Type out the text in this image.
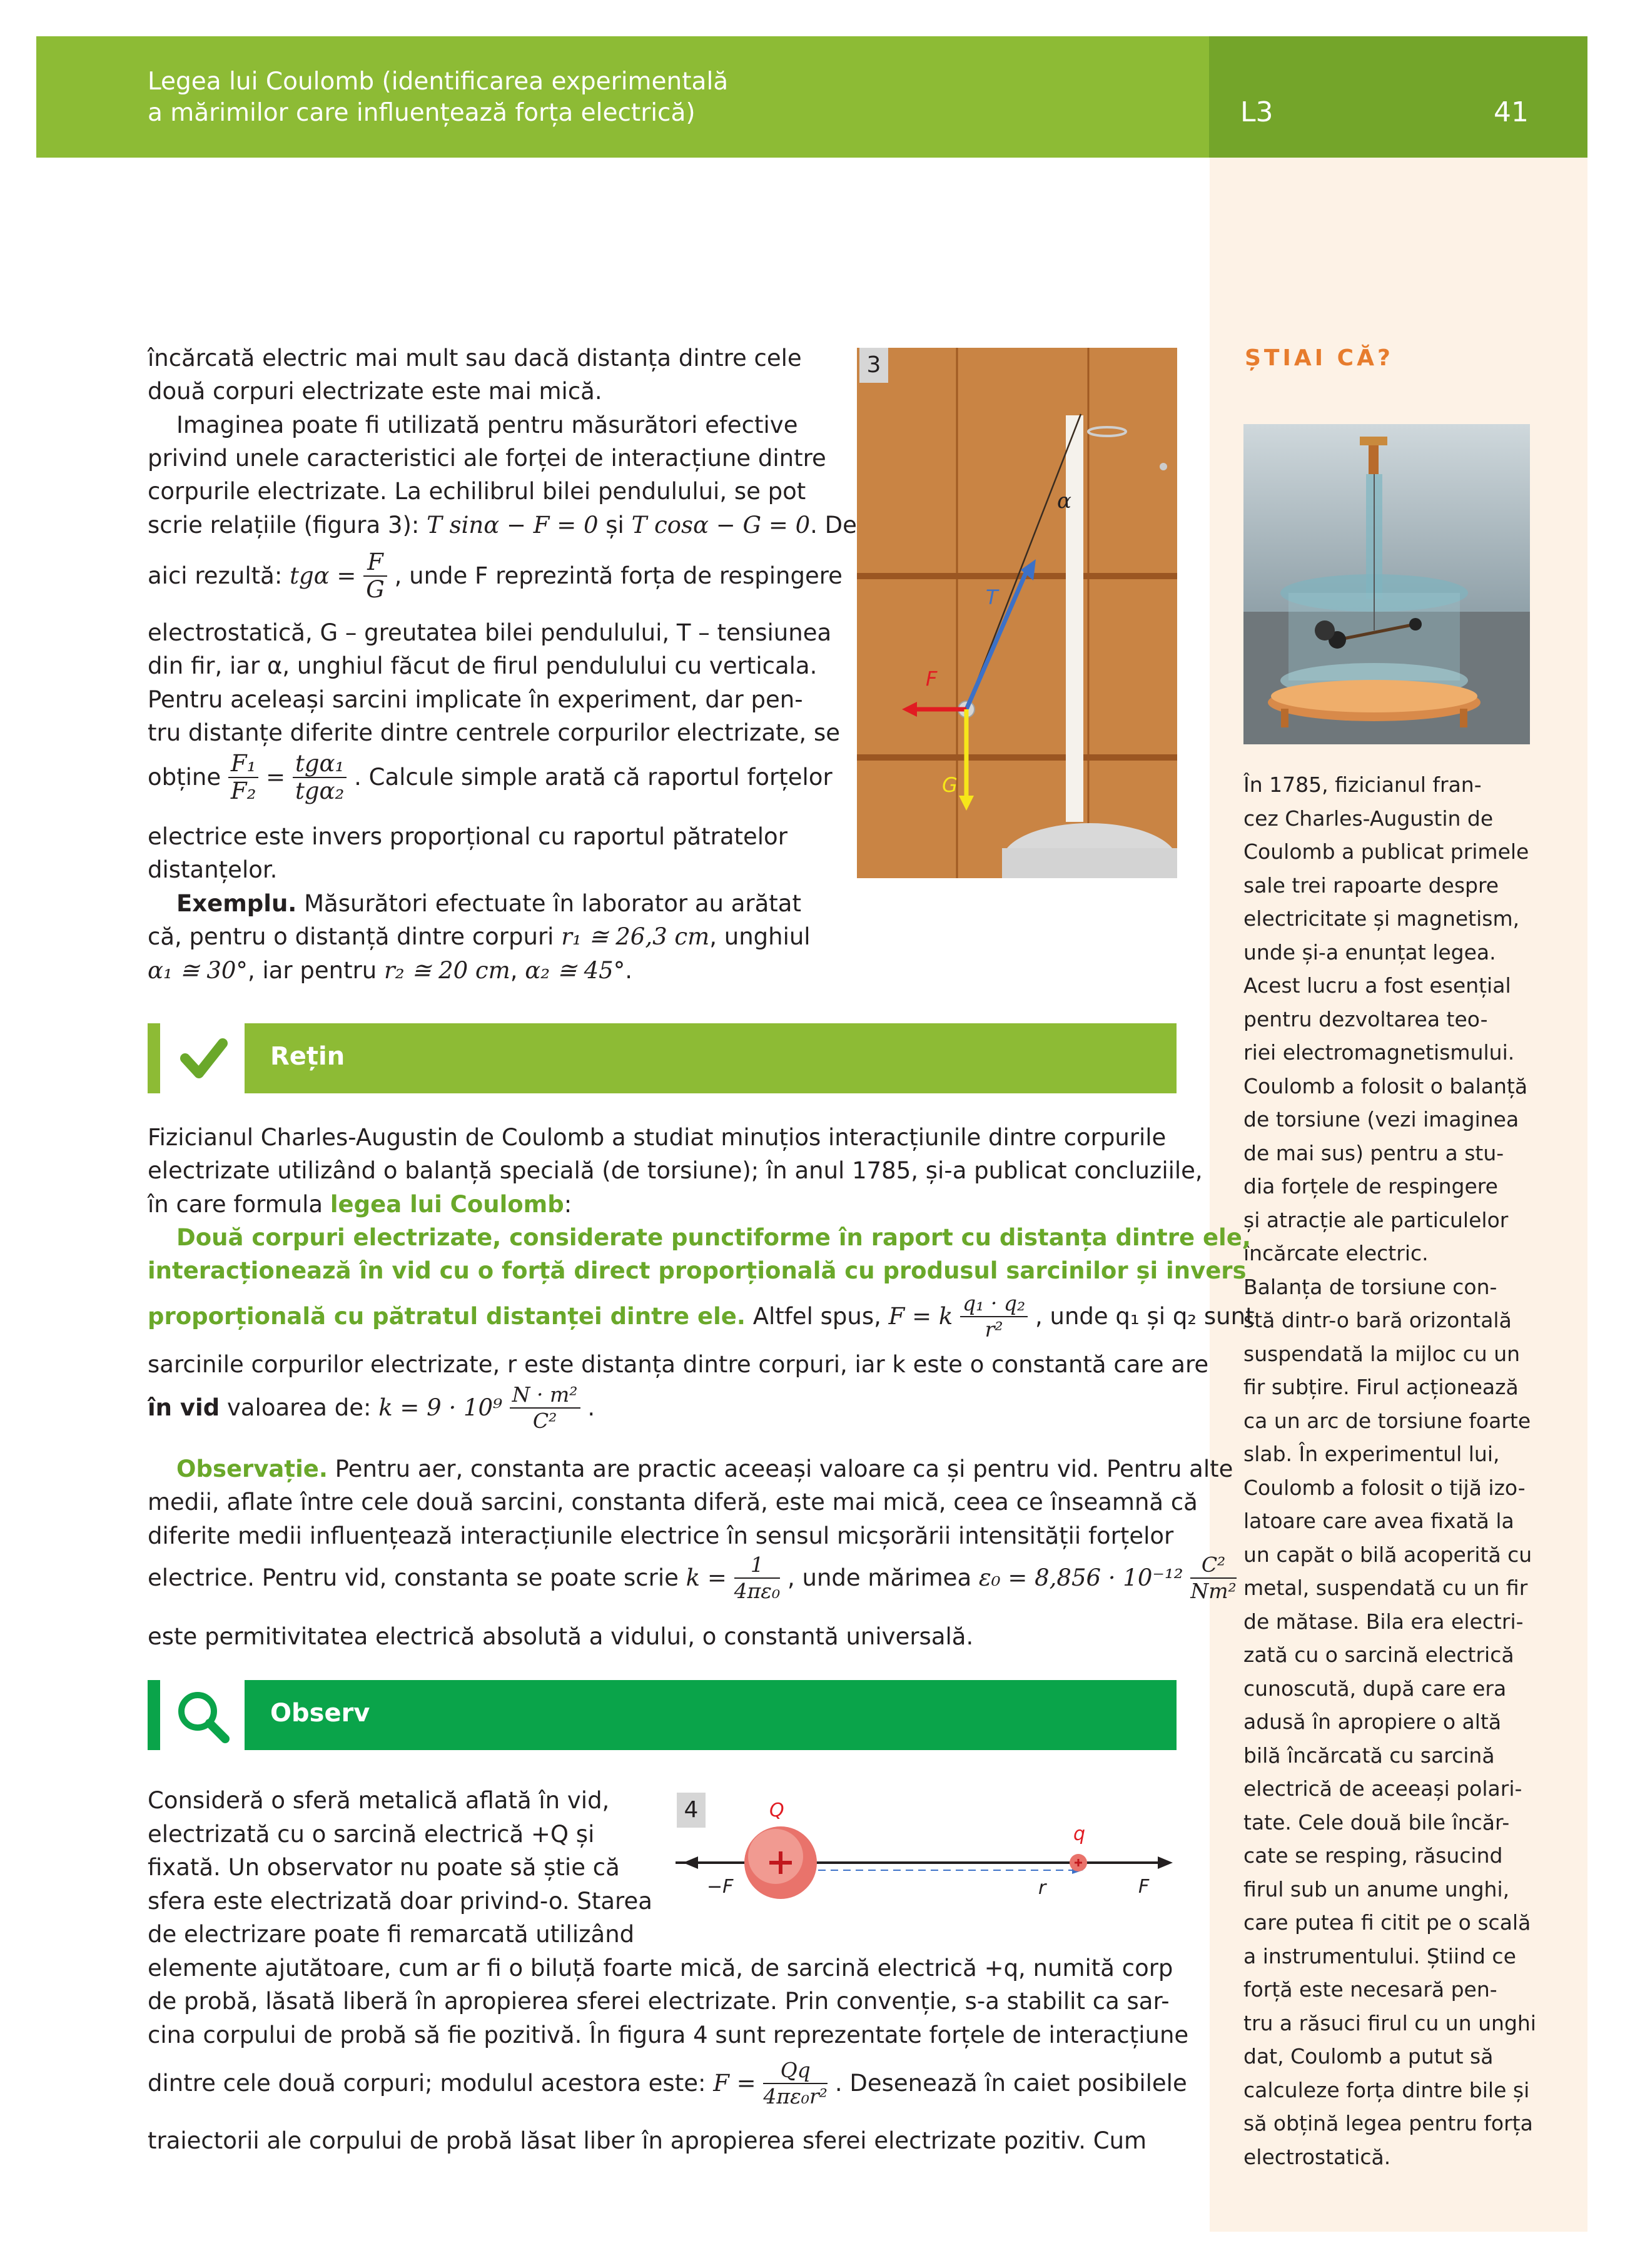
Legea lui Coulomb (identificarea experimentală
a mărimilor care influențează forța electrică)	L3	41
ȘTIAI CĂ?

În 1785, fizicianul fran-
cez Charles-Augustin de
Coulomb a publicat primele
sale trei rapoarte despre
electricitate și magnetism,
unde și-a enunțat legea.
Acest lucru a fost esențial
pentru dezvoltarea teo-
riei electromagnetismului.
Coulomb a folosit o balanță
de torsiune (vezi imaginea
de mai sus) pentru a stu-
dia forțele de respingere
și atracție ale particulelor
încărcate electric.
Balanța de torsiune con-
stă dintr-o bară orizontală
suspendată la mijloc cu un
fir subțire. Firul acționează
ca un arc de torsiune foarte
slab. În experimentul lui,
Coulomb a folosit o tijă izo-
latoare care avea fixată la
un capăt o bilă acoperită cu
metal, suspendată cu un fir
de mătase. Bila era electri-
zată cu o sarcină electrică
cunoscută, după care era
adusă în apropiere o altă
bilă încărcată cu sarcină
electrică de aceeași polari-
tate. Cele două bile încăr-
cate se resping, răsucind
firul sub un anume unghi,
care putea fi citit pe o scală
a instrumentului. Știind ce
forță este necesară pen-
tru a răsuci firul cu un unghi
dat, Coulomb a putut să
calculeze forța dintre bile și
să obțină legea pentru forța
electrostatică.

încărcată electric mai mult sau dacă distanța dintre cele
două corpuri electrizate este mai mică.
Imaginea poate fi utilizată pentru măsurători efective
privind unele caracteristici ale forței de interacțiune dintre
corpurile electrizate. La echilibrul bilei pendulului, se pot
scrie relațiile (figura 3): T sinα − F = 0 și T cosα − G = 0. De
aici rezultă: $tg\alpha = \frac{F}{G}$ , unde F reprezintă forța de respingere
electrostatică, G – greutatea bilei pendulului, T – tensiunea
din fir, iar α, unghiul făcut de firul pendulului cu verticala.
Pentru aceleași sarcini implicate în experiment, dar pen-
tru distanțe diferite dintre centrele corpurilor electrizate, se
obține $\frac{\text{F₁}}{\text{F₂}}$ =
tgα₁
tgα₂
. Calcule simple arată că raportul forțelor
electrice este invers proporțional cu raportul pătratelor
distanțelor.
Exemplu. Măsurători efectuate în laborator au arătat
că, pentru o distanță dintre corpuri r₁ ≅ 26,3 cm, unghiul
α₁ ≅ 30°, iar pentru r₂ ≅ 20 cm, α₂ ≅ 45°.
α
T
F
G
3
Rețin
Fizicianul Charles-Augustin de Coulomb a studiat minuțios interacțiunile dintre corpurile
electrizate utilizând o balanță specială (de torsiune); în anul 1785, și-a publicat concluziile,
în care formula legea lui Coulomb:
Două corpuri electrizate, considerate punctiforme în raport cu distanța dintre ele,
interacționează în vid cu o forță direct proporțională cu produsul sarcinilor și invers
proporțională cu pătratul distanței dintre ele. Altfel spus, F = k $\frac{\text{q₁ · q₂}}{\text{r²}}$ , unde q₁ și q₂ sunt
sarcinile corpurilor electrizate, r este distanța dintre corpuri, iar k este o constantă care are
în vid valoarea de: $k = 9 \cdot 10^9 \frac{\text{N · m²}}{\text{C²}}$ .
Observație. Pentru aer, constanta are practic aceeași valoare ca și pentru vid. Pentru alte
medii, aflate între cele două sarcini, constanta diferă, este mai mică, ceea ce înseamnă că
diferite medii influențează interacțiunile electrice în sensul micșorării intensității forțelor
electrice. Pentru vid, constanta se poate scrie $k = \frac{1}{\text{4πε₀}}$ , unde mărimea $\varepsilon_0 = 8,856 \cdot 10^{-12} \frac{\text{C²}}{\text{Nm²}}$
este permitivitatea electrică absolută a vidului, o constantă universală.
Observ
Consideră o sferă metalică aflată în vid,
electrizată cu o sarcină electrică +Q și
fixată. Un observator nu poate să știe că
sfera este electrizată doar privind-o. Starea
de electrizare poate fi remarcată utilizând
elemente ajutătoare, cum ar fi o biluță foarte mică, de sarcină electrică +q, numită corp
de probă, lăsată liberă în apropierea sferei electrizate. Prin convenție, s-a stabilit ca sar-
cina corpului de probă să fie pozitivă. În figura 4 sunt reprezentate forțele de interacțiune
dintre cele două corpuri; modulul acestora este: $F = \frac{Qq}{\text{4πε₀r²}}$ . Desenează în caiet posibilele
traiectorii ale corpului de probă lăsat liber în apropierea sferei electrizate pozitiv. Cum
4	Q
q
−F	F
r
